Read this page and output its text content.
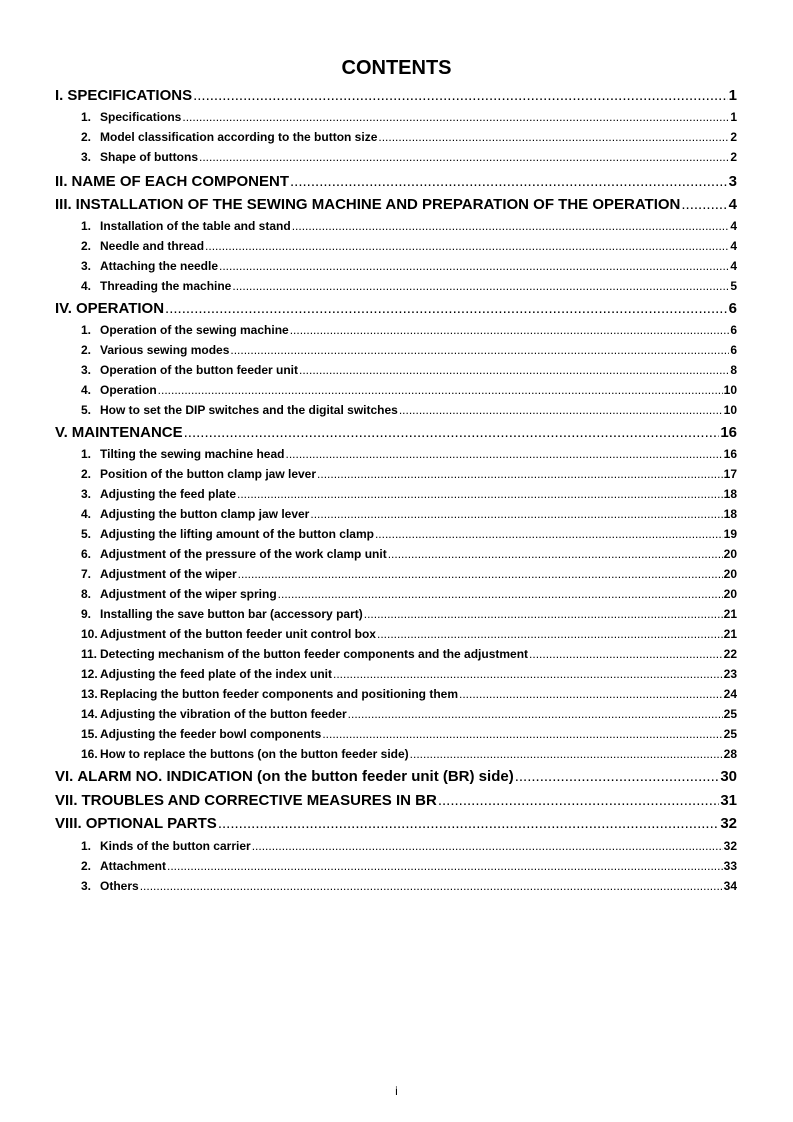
CONTENTS
I. SPECIFICATIONS .....	1
1. Specifications .....	1
2. Model classification according to the button size .....	2
3. Shape of buttons .....	2
II. NAME OF EACH COMPONENT .....	3
III. INSTALLATION OF THE SEWING MACHINE AND PREPARATION OF THE OPERATION .....	4
1. Installation of the table and stand .....	4
2. Needle and thread .....	4
3. Attaching the needle .....	4
4. Threading the machine .....	5
IV. OPERATION .....	6
1. Operation of the sewing machine .....	6
2. Various sewing modes .....	6
3. Operation of the button feeder unit .....	8
4. Operation .....	10
5. How to set the DIP switches and the digital switches .....	10
V. MAINTENANCE .....	16
1. Tilting the sewing machine head .....	16
2. Position of the button clamp jaw lever .....	17
3. Adjusting the feed plate .....	18
4. Adjusting the button clamp jaw lever .....	18
5. Adjusting the lifting amount of the button clamp .....	19
6. Adjustment of the pressure of the work clamp unit .....	20
7. Adjustment of the wiper .....	20
8. Adjustment of the wiper spring .....	20
9. Installing the save button bar (accessory part) .....	21
10. Adjustment of the button feeder unit control box .....	21
11. Detecting mechanism of the button feeder components and the adjustment .....	22
12. Adjusting the feed plate of the index unit .....	23
13. Replacing the button feeder components and positioning them .....	24
14. Adjusting the vibration of the button feeder .....	25
15. Adjusting the feeder bowl components .....	25
16. How to replace the buttons (on the button feeder side) .....	28
VI. ALARM NO. INDICATION (on the button feeder unit (BR) side) .....	30
VII. TROUBLES AND CORRECTIVE MEASURES IN BR .....	31
VIII. OPTIONAL PARTS .....	32
1. Kinds of the button carrier .....	32
2. Attachment .....	33
3. Others .....	34
i
